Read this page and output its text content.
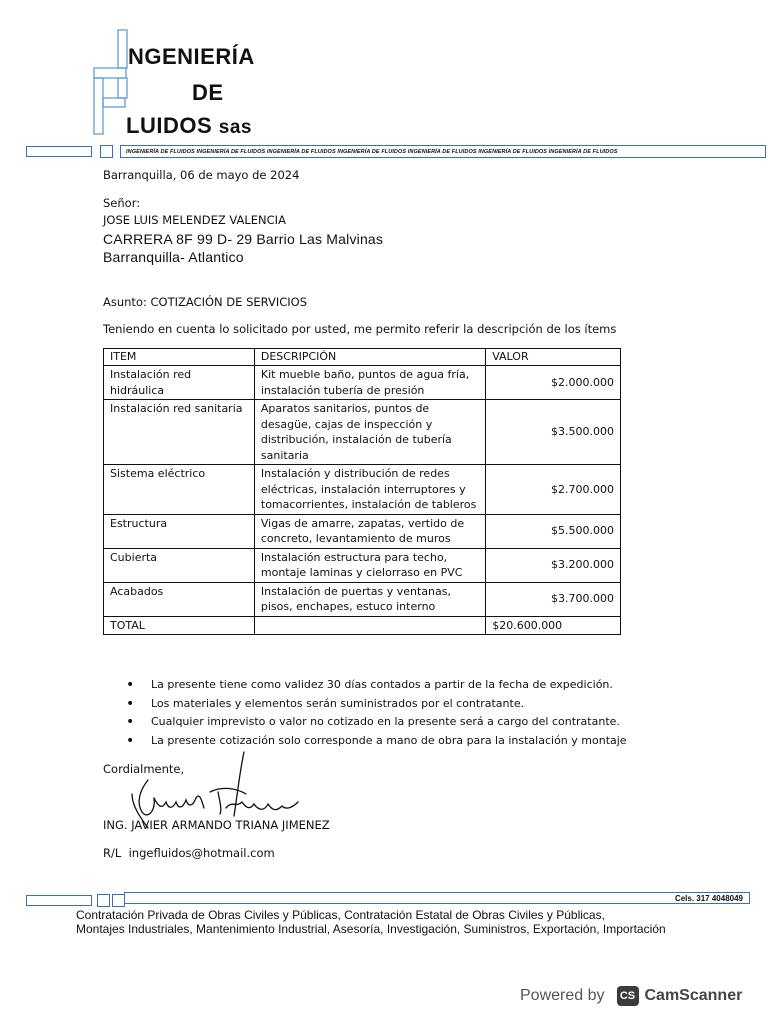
NGENIERÍA
DE
LUIDOS sas
INGENIERÍA DE FLUIDOS INGENIERÍA DE FLUIDOS INGENIERÍA DE FLUIDOS INGENIERÍA DE FLUIDOS INGENIERÍA DE FLUIDOS INGENIERÍA DE FLUIDOS INGENIERÍA DE FLUIDOS
Barranquilla, 06 de mayo de 2024
Señor:
JOSE LUIS MELENDEZ VALENCIA
CARRERA 8F 99 D- 29 Barrio Las Malvinas
Barranquilla- Atlantico
Asunto: COTIZACIÓN DE SERVICIOS
Teniendo en cuenta lo solicitado por usted, me permito referir la descripción de los ítems
ITEM	DESCRIPCIÓN	VALOR
Instalación red hidráulica	Kit mueble baño, puntos de agua fría, instalación tubería de presión	$2.000.000
Instalación red sanitaria	Aparatos sanitarios, puntos de desagüe, cajas de inspección y distribución, instalación de tubería sanitaria	$3.500.000
Sistema eléctrico	Instalación y distribución de redes eléctricas, instalación interruptores y tomacorrientes, instalación de tableros	$2.700.000
Estructura	Vigas de amarre, zapatas, vertido de concreto, levantamiento de muros	$5.500.000
Cubierta	Instalación estructura para techo, montaje laminas y cielorraso en PVC	$3.200.000
Acabados	Instalación de puertas y ventanas, pisos, enchapes, estuco interno	$3.700.000
TOTAL		$20.600.000
• La presente tiene como validez 30 días contados a partir de la fecha de expedición.
• Los materiales y elementos serán suministrados por el contratante.
• Cualquier imprevisto o valor no cotizado en la presente será a cargo del contratante.
• La presente cotización solo corresponde a mano de obra para la instalación y montaje
Cordialmente,
Javier Triana
ING. JAVIER ARMANDO TRIANA JIMENEZ
R/L ingefluidos@hotmail.com
Cels. 317 4048049
Contratación Privada de Obras Civiles y Públicas, Contratación Estatal de Obras Civiles y Públicas,
Montajes Industriales, Mantenimiento Industrial, Asesoría, Investigación, Suministros, Exportación, Importación
Powered by	CS CamScanner
